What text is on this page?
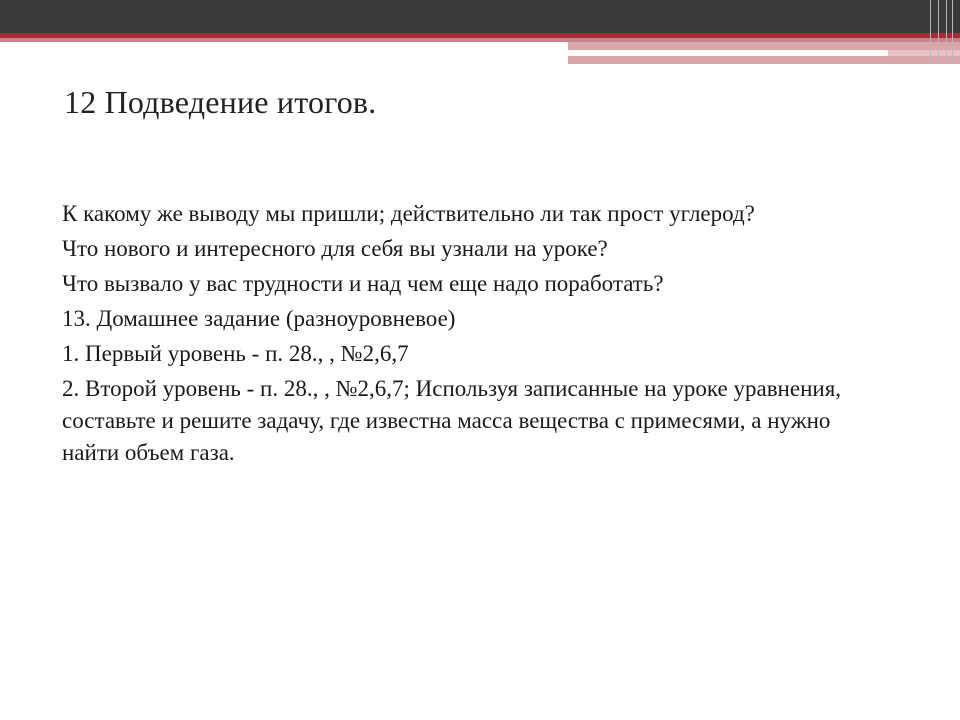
12 Подведение итогов.

К какому же выводу мы пришли; действительно ли так прост углерод?

Что нового и интересного для себя вы узнали на уроке?

Что вызвало у вас трудности и над чем еще надо поработать?

13. Домашнее задание (разноуровневое)

1. Первый уровень - п. 28., , №2,6,7

2. Второй уровень - п. 28., , №2,6,7; Используя записанные на уроке уравнения, составьте и решите задачу, где известна масса вещества с примесями, а нужно найти объем газа.
